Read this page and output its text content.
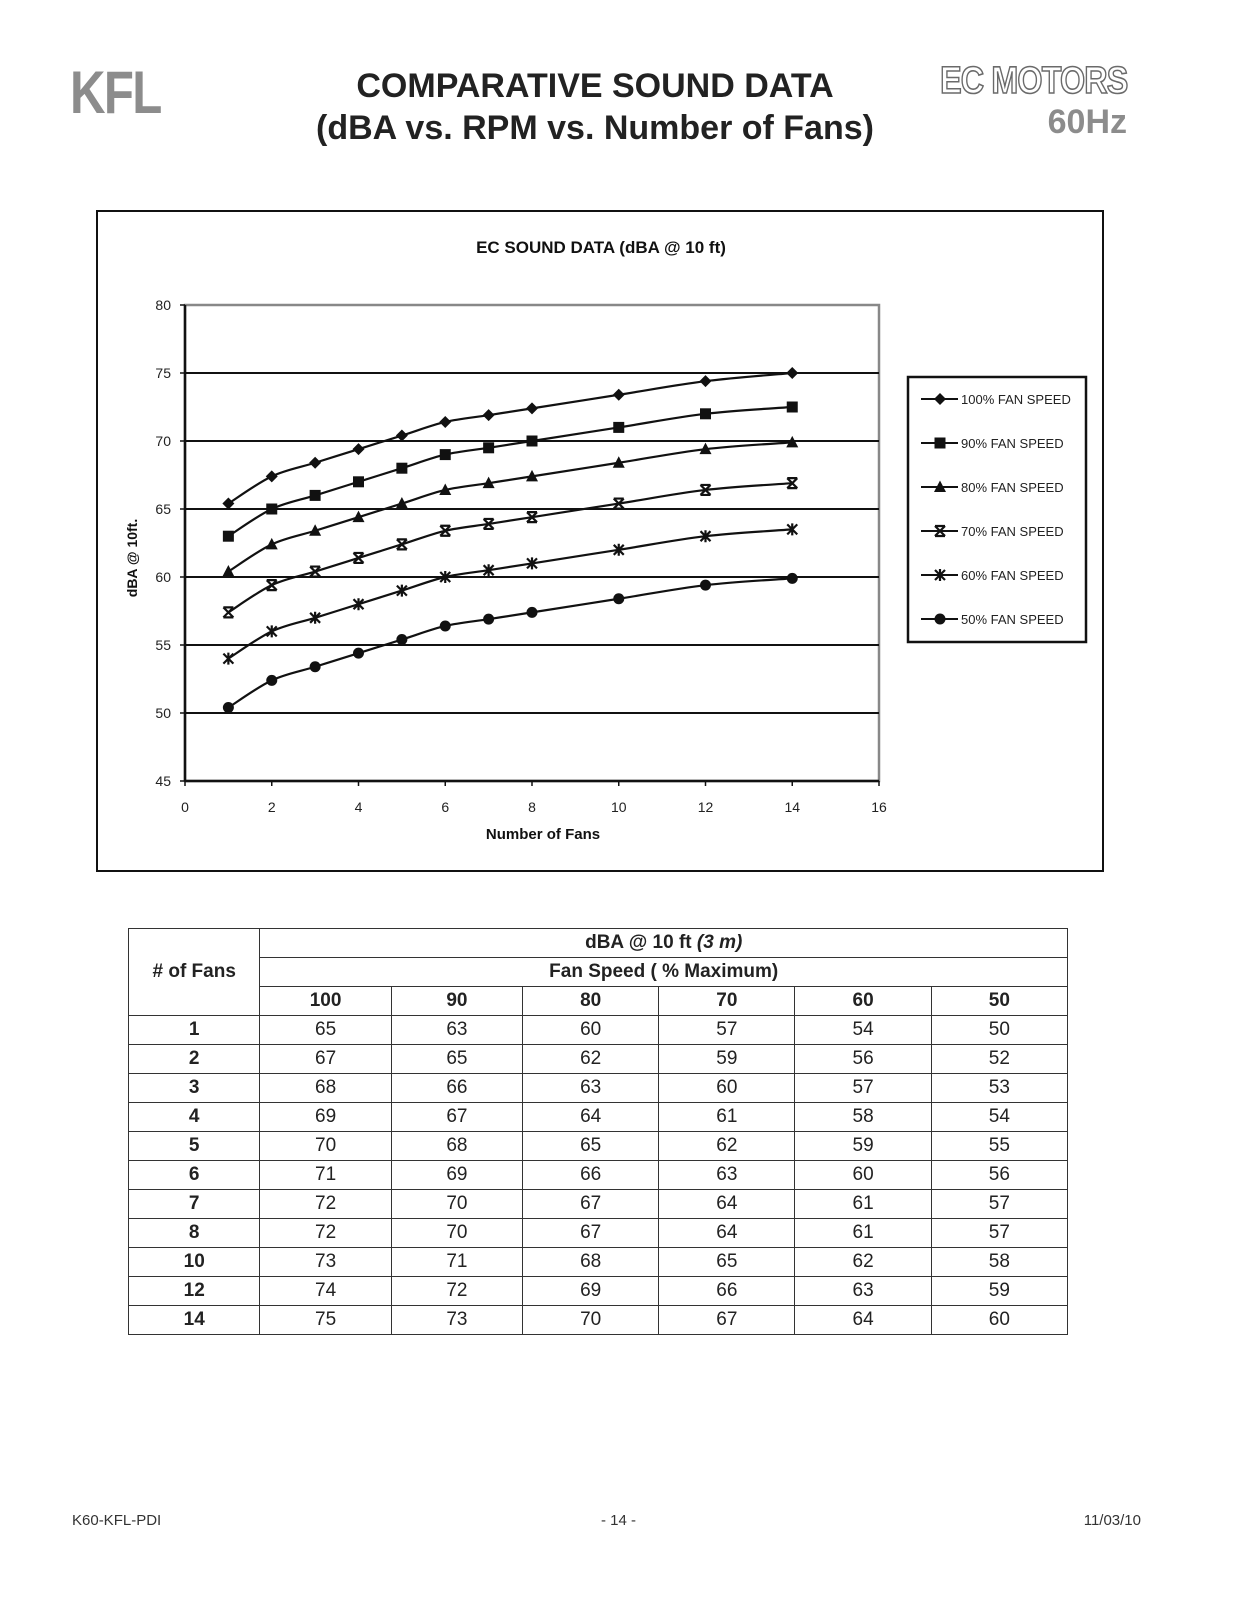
KFL	COMPARATIVE SOUND DATA
(dBA vs. RPM vs. Number of Fans)
EC MOTORS
60Hz
EC SOUND DATA (dBA @ 10 ft)
45
50
55
60
65
70
75
80
0	2	4	6	8	10	12	14	16
Number of Fans
dBA @ 10ft.
100% FAN SPEED
90% FAN SPEED
80% FAN SPEED
70% FAN SPEED
60% FAN SPEED
50% FAN SPEED
# of Fans	dBA @ 10 ft (3 m)					
	Fan Speed ( % Maximum)					
	100	90	80	70	60	50
1	65	63	60	57	54	50
2	67	65	62	59	56	52
3	68	66	63	60	57	53
4	69	67	64	61	58	54
5	70	68	65	62	59	55
6	71	69	66	63	60	56
7	72	70	67	64	61	57
8	72	70	67	64	61	57
10	73	71	68	65	62	58
12	74	72	69	66	63	59
14	75	73	70	67	64	60
K60-KFL-PDI	- 14 -	11/03/10
